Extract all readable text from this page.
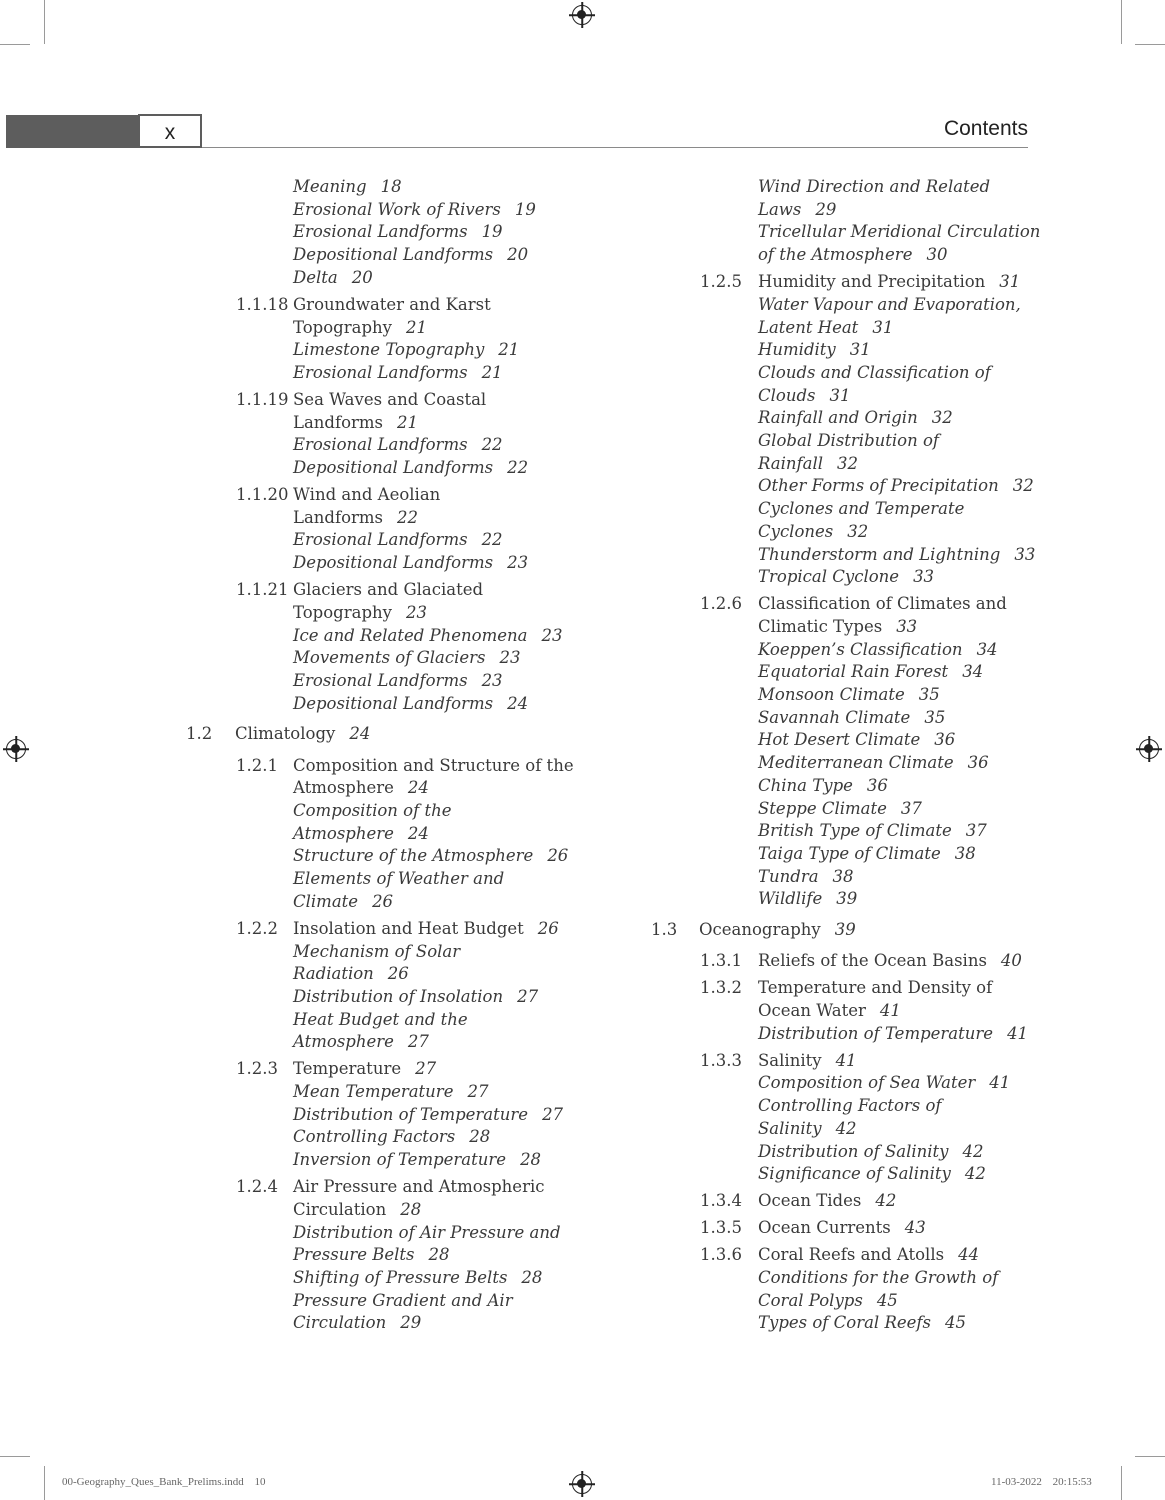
x	Contents
Meaning 18
Erosional Work of Rivers 19
Erosional Landforms 19
Depositional Landforms 20
Delta 20
1.1.18 Groundwater and Karst
Topography 21
Limestone Topography 21
Erosional Landforms 21
1.1.19 Sea Waves and Coastal
Landforms 21
Erosional Landforms 22
Depositional Landforms 22
1.1.20 Wind and Aeolian
Landforms 22
Erosional Landforms 22
Depositional Landforms 23
1.1.21 Glaciers and Glaciated
Topography 23
Ice and Related Phenomena 23
Movements of Glaciers 23
Erosional Landforms 23
Depositional Landforms 24
1.2 Climatology 24
1.2.1 Composition and Structure of the
Atmosphere 24
Composition of the
Atmosphere 24
Structure of the Atmosphere 26
Elements of Weather and
Climate 26
1.2.2 Insolation and Heat Budget 26
Mechanism of Solar
Radiation 26
Distribution of Insolation 27
Heat Budget and the
Atmosphere 27
1.2.3 Temperature 27
Mean Temperature 27
Distribution of Temperature 27
Controlling Factors 28
Inversion of Temperature 28
1.2.4 Air Pressure and Atmospheric
Circulation 28
Distribution of Air Pressure and
Pressure Belts 28
Shifting of Pressure Belts 28
Pressure Gradient and Air
Circulation 29
Wind Direction and Related
Laws 29
Tricellular Meridional Circulation
of the Atmosphere 30
1.2.5 Humidity and Precipitation 31
Water Vapour and Evaporation,
Latent Heat 31
Humidity 31
Clouds and Classification of
Clouds 31
Rainfall and Origin 32
Global Distribution of
Rainfall 32
Other Forms of Precipitation 32
Cyclones and Temperate
Cyclones 32
Thunderstorm and Lightning 33
Tropical Cyclone 33
1.2.6 Classification of Climates and
Climatic Types 33
Koeppen’s Classification 34
Equatorial Rain Forest 34
Monsoon Climate 35
Savannah Climate 35
Hot Desert Climate 36
Mediterranean Climate 36
China Type 36
Steppe Climate 37
British Type of Climate 37
Taiga Type of Climate 38
Tundra 38
Wildlife 39
1.3 Oceanography 39
1.3.1 Reliefs of the Ocean Basins 40
1.3.2 Temperature and Density of
Ocean Water 41
Distribution of Temperature 41
1.3.3 Salinity 41
Composition of Sea Water 41
Controlling Factors of
Salinity 42
Distribution of Salinity 42
Significance of Salinity 42
1.3.4 Ocean Tides 42
1.3.5 Ocean Currents 43
1.3.6 Coral Reefs and Atolls 44
Conditions for the Growth of
Coral Polyps 45
Types of Coral Reefs 45
00-Geography_Ques_Bank_Prelims.indd 10	11-03-2022 20:15:53
